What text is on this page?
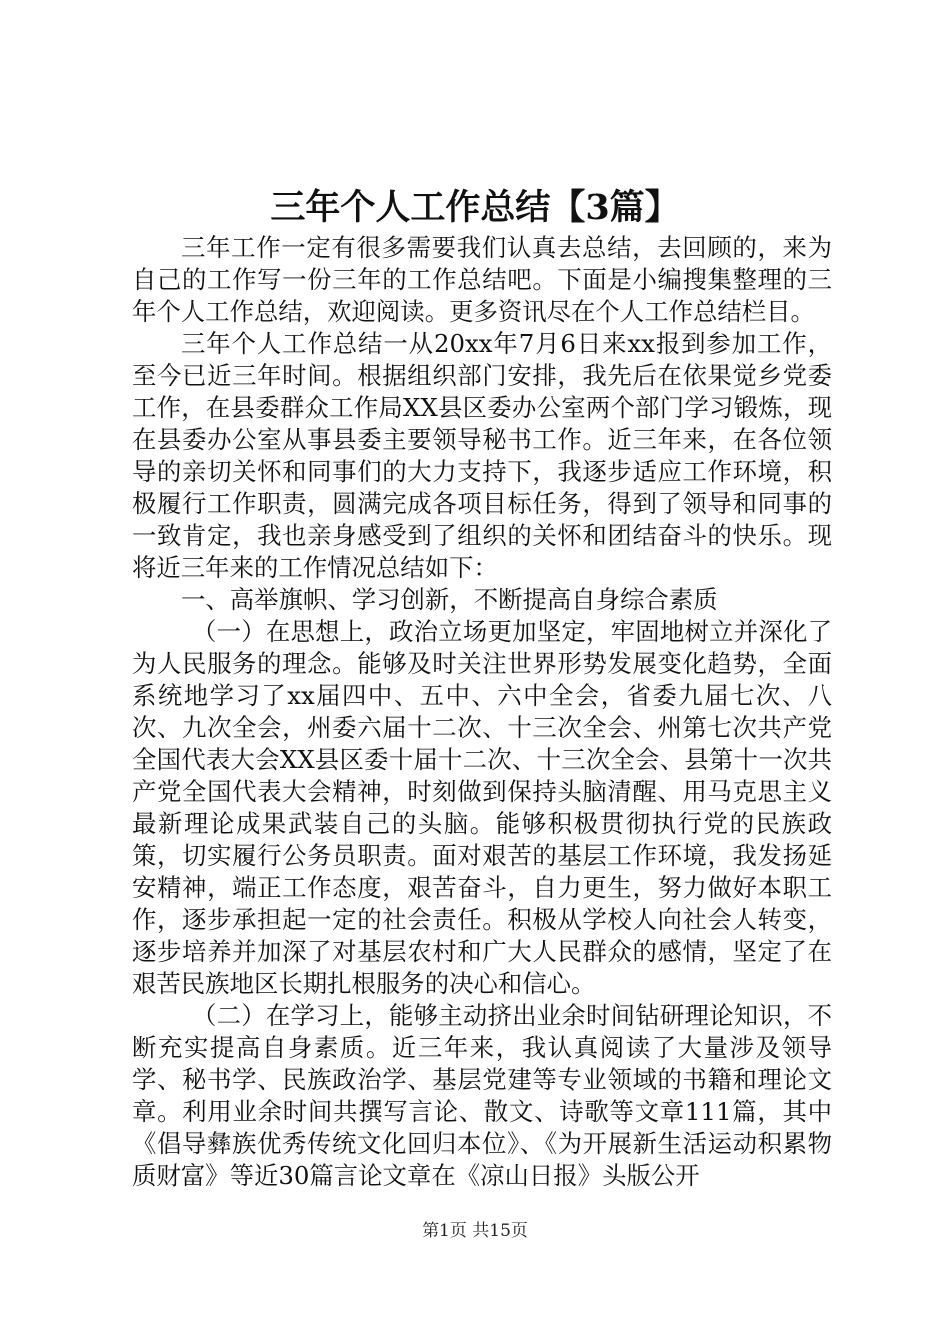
三年个人工作总结【3篇】

三年工作一定有很多需要我们认真去总结，去回顾的，来为自己的工作写一份三年的工作总结吧。下面是小编搜集整理的三年个人工作总结，欢迎阅读。更多资讯尽在个人工作总结栏目。

三年个人工作总结一从20xx年7月6日来xx报到参加工作，至今已近三年时间。根据组织部门安排，我先后在依果觉乡党委工作，在县委群众工作局XX县区委办公室两个部门学习锻炼，现在县委办公室从事县委主要领导秘书工作。近三年来，在各位领导的亲切关怀和同事们的大力支持下，我逐步适应工作环境，积极履行工作职责，圆满完成各项目标任务，得到了领导和同事的一致肯定，我也亲身感受到了组织的关怀和团结奋斗的快乐。现将近三年来的工作情况总结如下：

一、高举旗帜、学习创新，不断提高自身综合素质

（一）在思想上，政治立场更加坚定，牢固地树立并深化了为人民服务的理念。能够及时关注世界形势发展变化趋势，全面系统地学习了xx届四中、五中、六中全会，省委九届七次、八次、九次全会，州委六届十二次、十三次全会、州第七次共产党全国代表大会XX县区委十届十二次、十三次全会、县第十一次共产党全国代表大会精神，时刻做到保持头脑清醒、用马克思主义最新理论成果武装自己的头脑。能够积极贯彻执行党的民族政策，切实履行公务员职责。面对艰苦的基层工作环境，我发扬延安精神，端正工作态度，艰苦奋斗，自力更生，努力做好本职工作，逐步承担起一定的社会责任。积极从学校人向社会人转变，逐步培养并加深了对基层农村和广大人民群众的感情，坚定了在艰苦民族地区长期扎根服务的决心和信心。

（二）在学习上，能够主动挤出业余时间钻研理论知识，不断充实提高自身素质。近三年来，我认真阅读了大量涉及领导学、秘书学、民族政治学、基层党建等专业领域的书籍和理论文章。利用业余时间共撰写言论、散文、诗歌等文章111篇，其中《倡导彝族优秀传统文化回归本位》、《为开展新生活运动积累物质财富》等近30篇言论文章在《凉山日报》头版公开

第1页 共15页
